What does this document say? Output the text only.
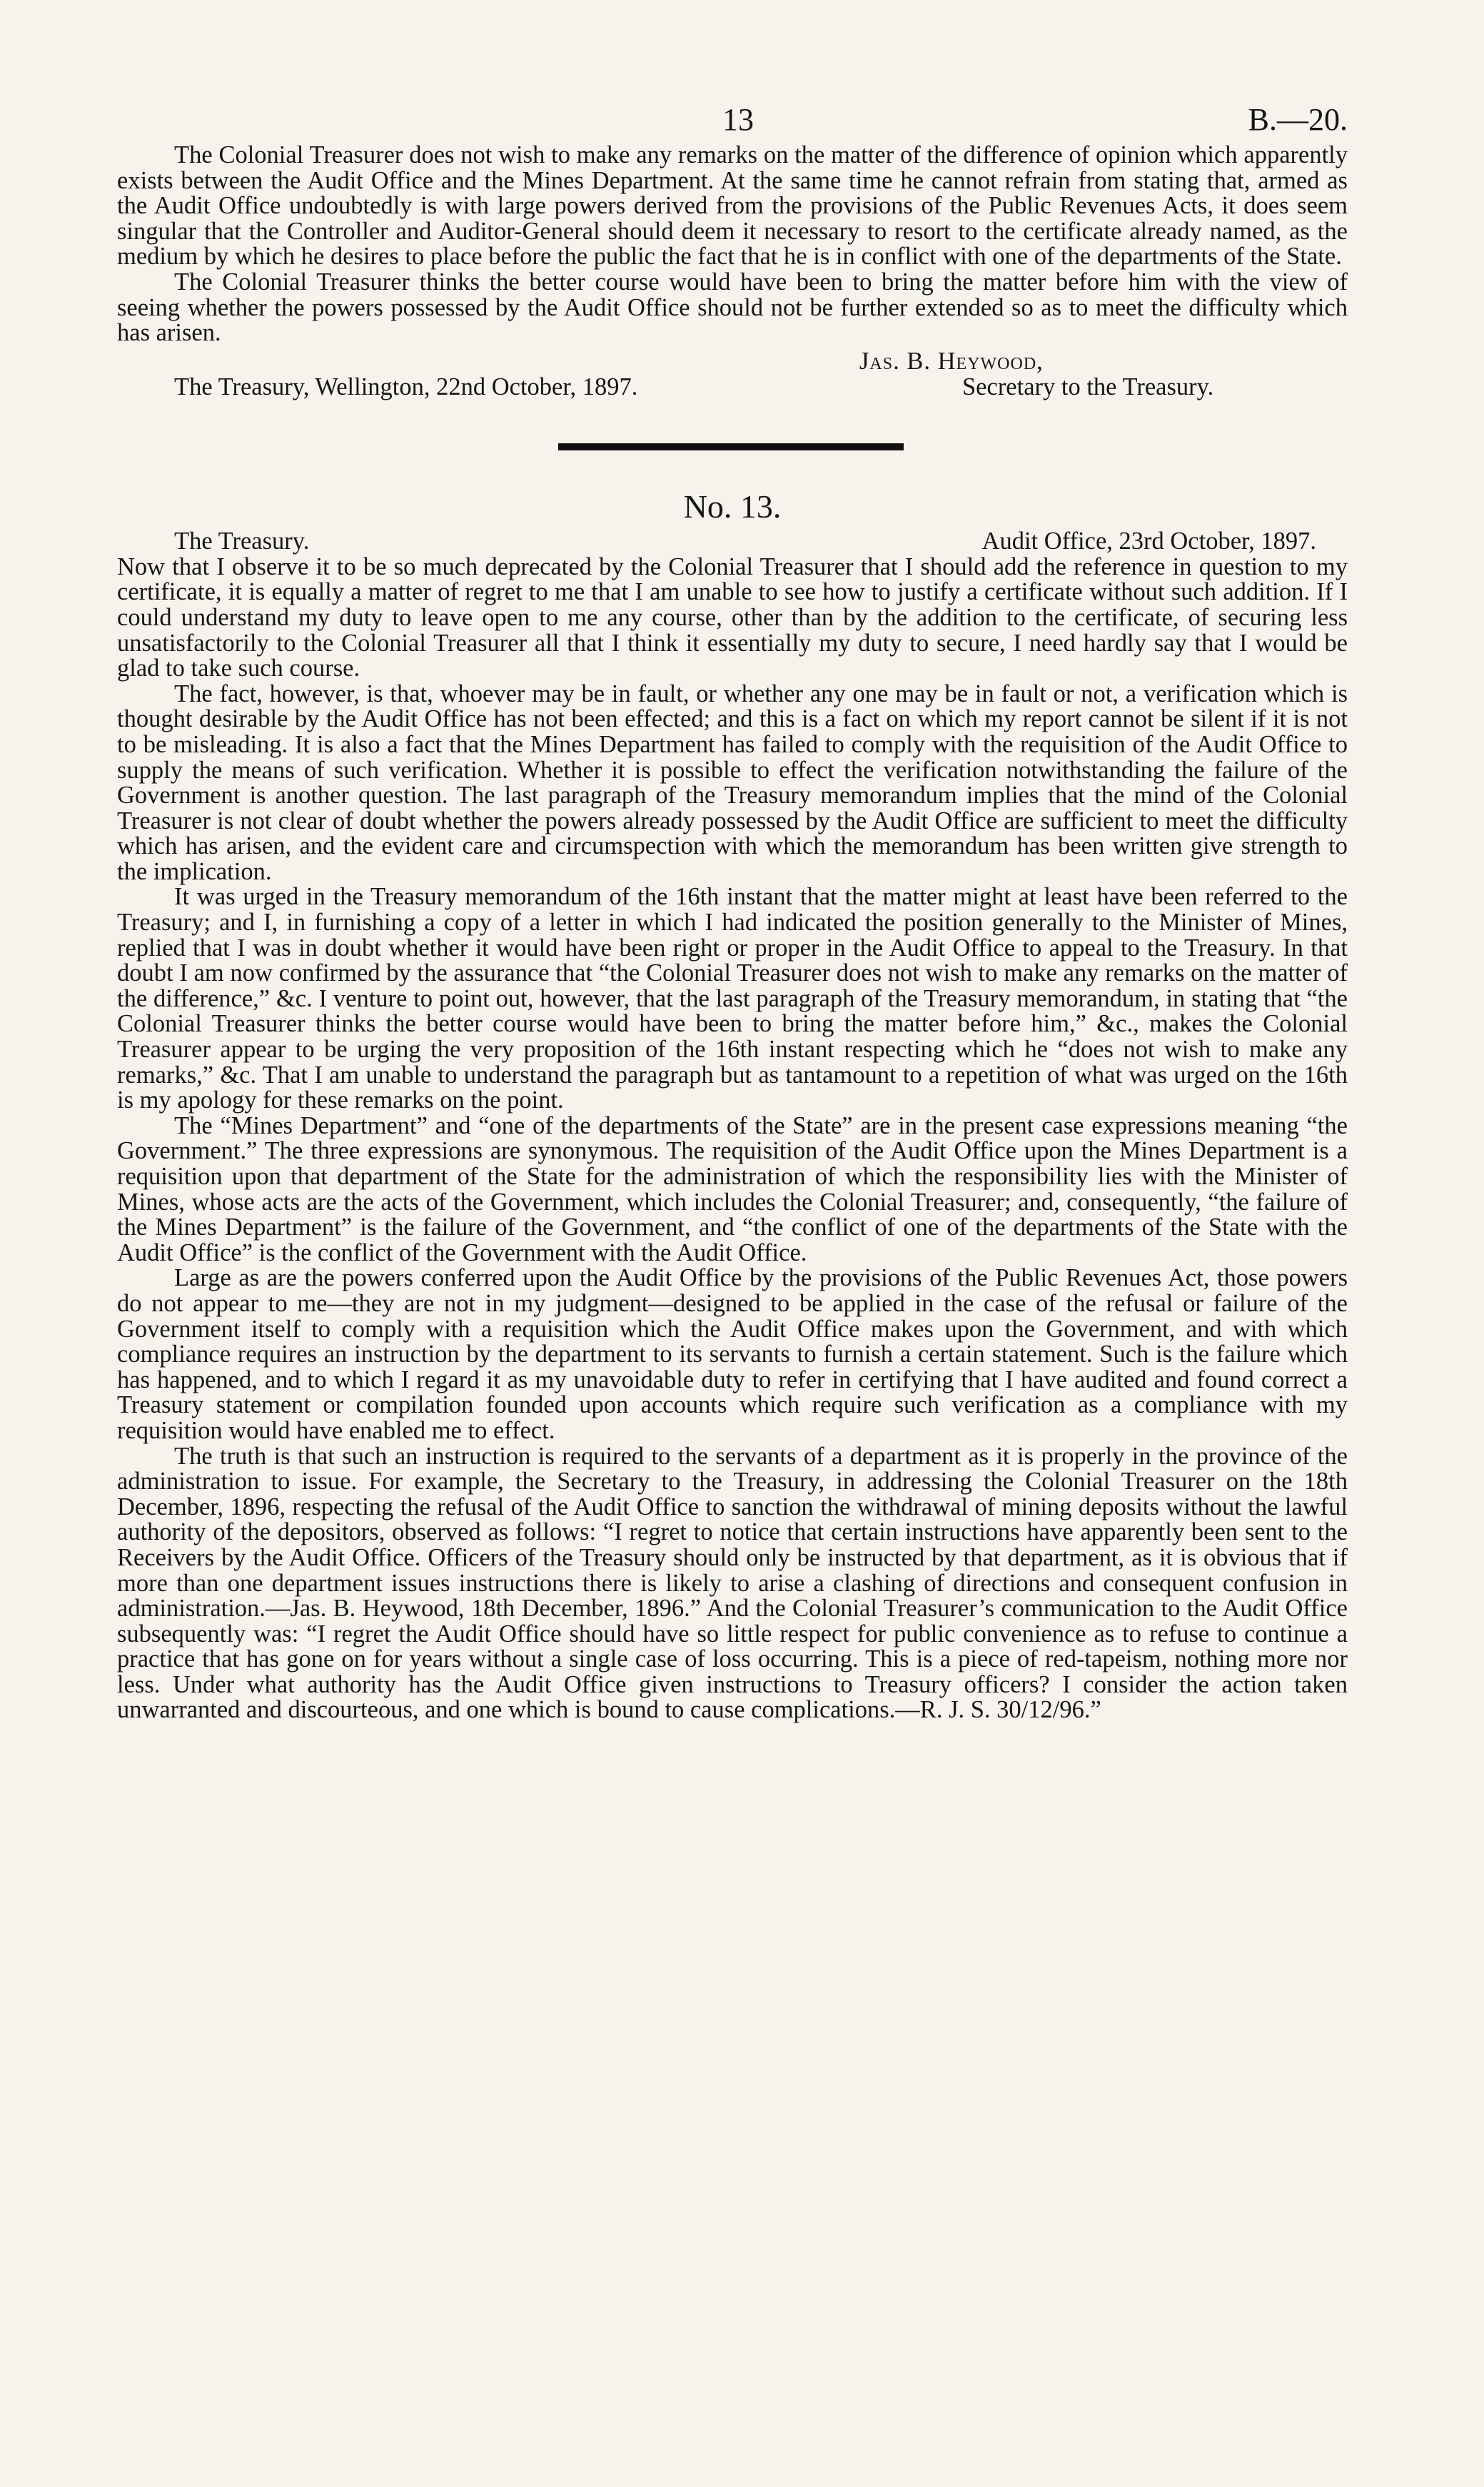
13	B.—20.

The Colonial Treasurer does not wish to make any remarks on the matter of the difference of opinion which apparently exists between the Audit Office and the Mines Department. At the same time he cannot refrain from stating that, armed as the Audit Office undoubtedly is with large powers derived from the provisions of the Public Revenues Acts, it does seem singular that the Controller and Auditor-General should deem it necessary to resort to the certificate already named, as the medium by which he desires to place before the public the fact that he is in conflict with one of the departments of the State.

The Colonial Treasurer thinks the better course would have been to bring the matter before him with the view of seeing whether the powers possessed by the Audit Office should not be further extended so as to meet the difficulty which has arisen.

Jas. B. Heywood,
The Treasury, Wellington, 22nd October, 1897.	Secretary to the Treasury.
No. 13.
The Treasury.	Audit Office, 23rd October, 1897.

Now that I observe it to be so much deprecated by the Colonial Treasurer that I should add the reference in question to my certificate, it is equally a matter of regret to me that I am unable to see how to justify a certificate without such addition. If I could understand my duty to leave open to me any course, other than by the addition to the certificate, of securing less unsatisfactorily to the Colonial Treasurer all that I think it essentially my duty to secure, I need hardly say that I would be glad to take such course.

The fact, however, is that, whoever may be in fault, or whether any one may be in fault or not, a verification which is thought desirable by the Audit Office has not been effected; and this is a fact on which my report cannot be silent if it is not to be misleading. It is also a fact that the Mines Department has failed to comply with the requisition of the Audit Office to supply the means of such verification. Whether it is possible to effect the verification notwithstanding the failure of the Government is another question. The last paragraph of the Treasury memorandum implies that the mind of the Colonial Treasurer is not clear of doubt whether the powers already possessed by the Audit Office are sufficient to meet the difficulty which has arisen, and the evident care and circumspection with which the memorandum has been written give strength to the implication.

It was urged in the Treasury memorandum of the 16th instant that the matter might at least have been referred to the Treasury; and I, in furnishing a copy of a letter in which I had indicated the position generally to the Minister of Mines, replied that I was in doubt whether it would have been right or proper in the Audit Office to appeal to the Treasury. In that doubt I am now confirmed by the assurance that “the Colonial Treasurer does not wish to make any remarks on the matter of the difference,” &c. I venture to point out, however, that the last paragraph of the Treasury memorandum, in stating that “the Colonial Treasurer thinks the better course would have been to bring the matter before him,” &c., makes the Colonial Treasurer appear to be urging the very proposition of the 16th instant respecting which he “does not wish to make any remarks,” &c. That I am unable to understand the paragraph but as tantamount to a repetition of what was urged on the 16th is my apology for these remarks on the point.

The “Mines Department” and “one of the departments of the State” are in the present case expressions meaning “the Government.” The three expressions are synonymous. The requisition of the Audit Office upon the Mines Department is a requisition upon that department of the State for the administration of which the responsibility lies with the Minister of Mines, whose acts are the acts of the Government, which includes the Colonial Treasurer; and, consequently, “the failure of the Mines Department” is the failure of the Government, and “the conflict of one of the departments of the State with the Audit Office” is the conflict of the Government with the Audit Office.

Large as are the powers conferred upon the Audit Office by the provisions of the Public Revenues Act, those powers do not appear to me—they are not in my judgment—designed to be applied in the case of the refusal or failure of the Government itself to comply with a requisition which the Audit Office makes upon the Government, and with which compliance requires an instruction by the department to its servants to furnish a certain statement. Such is the failure which has happened, and to which I regard it as my unavoidable duty to refer in certifying that I have audited and found correct a Treasury statement or compilation founded upon accounts which require such verification as a compliance with my requisition would have enabled me to effect.

The truth is that such an instruction is required to the servants of a department as it is properly in the province of the administration to issue. For example, the Secretary to the Treasury, in addressing the Colonial Treasurer on the 18th December, 1896, respecting the refusal of the Audit Office to sanction the withdrawal of mining deposits without the lawful authority of the depositors, observed as follows: “I regret to notice that certain instructions have apparently been sent to the Receivers by the Audit Office. Officers of the Treasury should only be instructed by that department, as it is obvious that if more than one department issues instructions there is likely to arise a clashing of directions and consequent confusion in administration.—Jas. B. Heywood, 18th December, 1896.” And the Colonial Treasurer’s communication to the Audit Office subsequently was: “I regret the Audit Office should have so little respect for public convenience as to refuse to continue a practice that has gone on for years without a single case of loss occurring. This is a piece of red-tapeism, nothing more nor less. Under what authority has the Audit Office given instructions to Treasury officers? I consider the action taken unwarranted and discourteous, and one which is bound to cause complications.—R. J. S. 30/12/96.”
